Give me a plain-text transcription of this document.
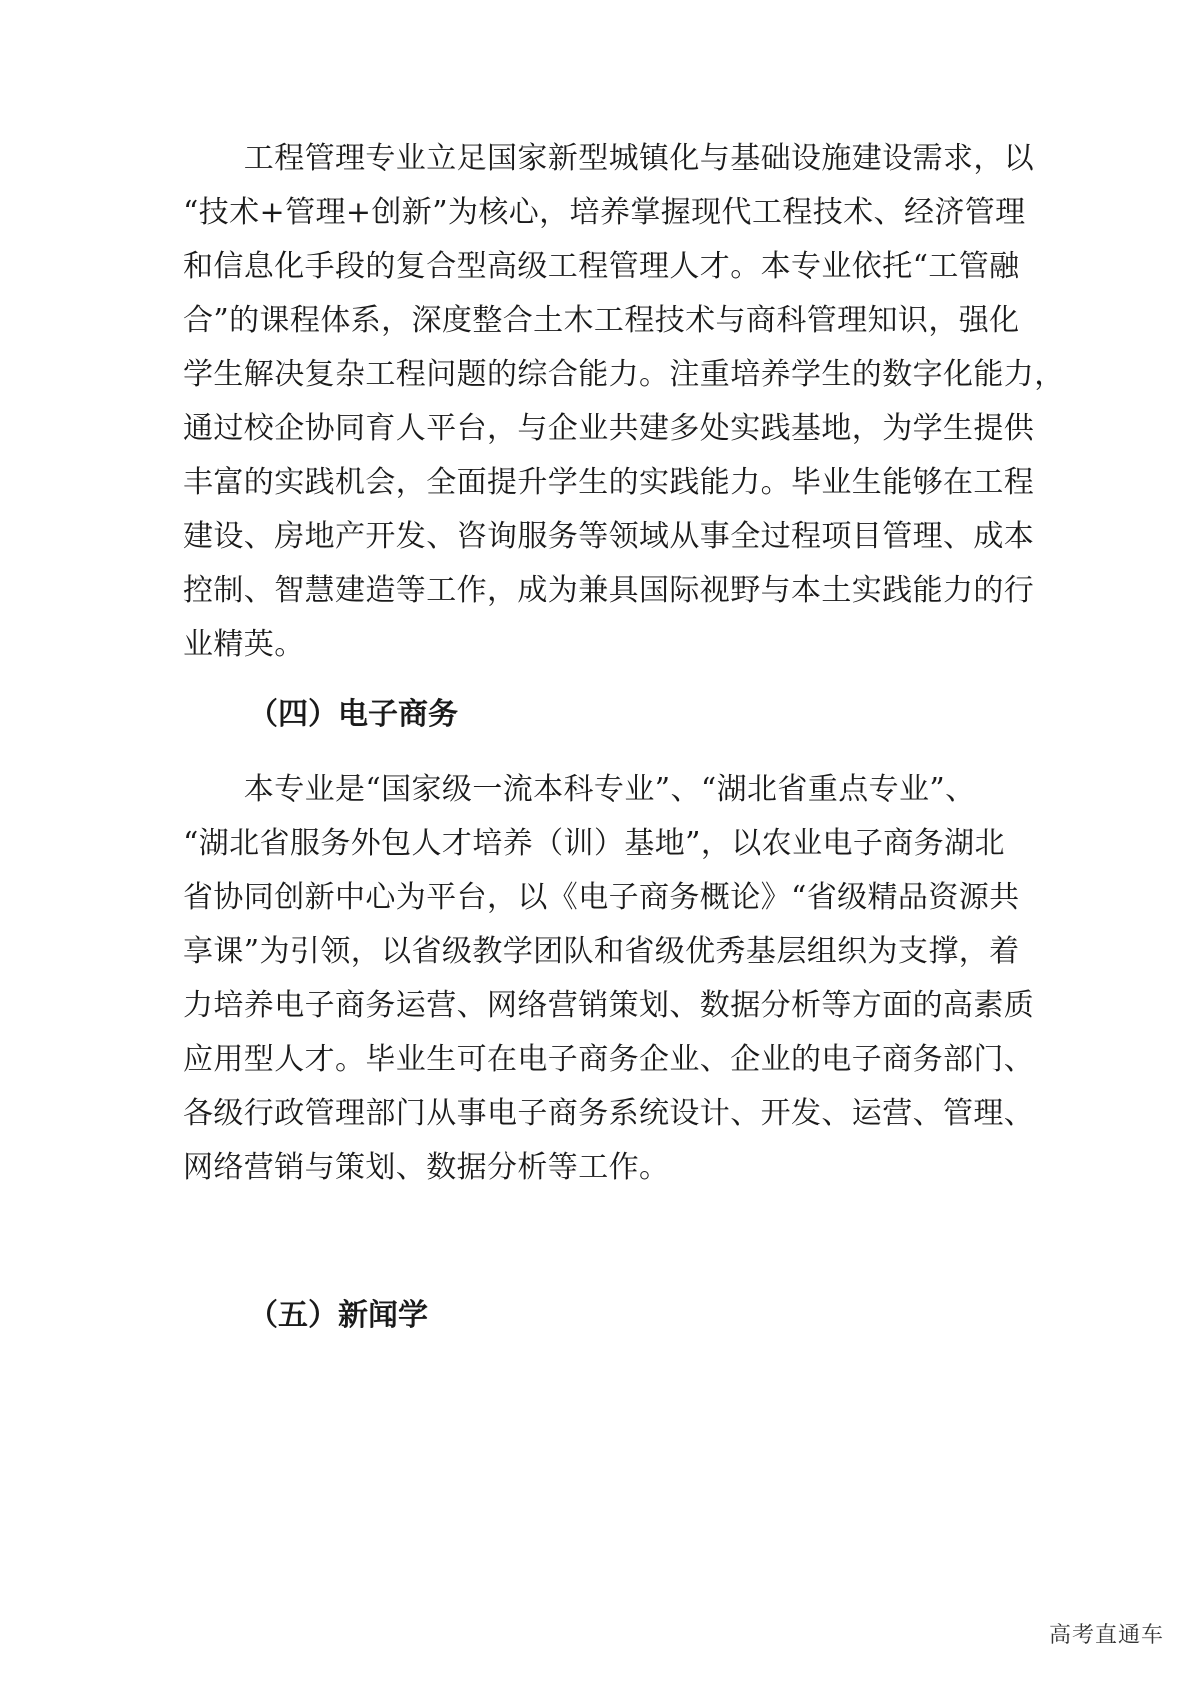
　　工程管理专业立足国家新型城镇化与基础设施建设需求，以
“技术+管理+创新”为核心，培养掌握现代工程技术、经济管理
和信息化手段的复合型高级工程管理人才。本专业依托“工管融
合”的课程体系，深度整合土木工程技术与商科管理知识，强化
学生解决复杂工程问题的综合能力。注重培养学生的数字化能力，
通过校企协同育人平台，与企业共建多处实践基地，为学生提供
丰富的实践机会，全面提升学生的实践能力。毕业生能够在工程
建设、房地产开发、咨询服务等领域从事全过程项目管理、成本
控制、智慧建造等工作，成为兼具国际视野与本土实践能力的行
业精英。
（四）电子商务
　　本专业是“国家级一流本科专业”、“湖北省重点专业”、
“湖北省服务外包人才培养（训）基地”，以农业电子商务湖北
省协同创新中心为平台，以《电子商务概论》“省级精品资源共
享课”为引领，以省级教学团队和省级优秀基层组织为支撑，着
力培养电子商务运营、网络营销策划、数据分析等方面的高素质
应用型人才。毕业生可在电子商务企业、企业的电子商务部门、
各级行政管理部门从事电子商务系统设计、开发、运营、管理、
网络营销与策划、数据分析等工作。
（五）新闻学
高考直通车
